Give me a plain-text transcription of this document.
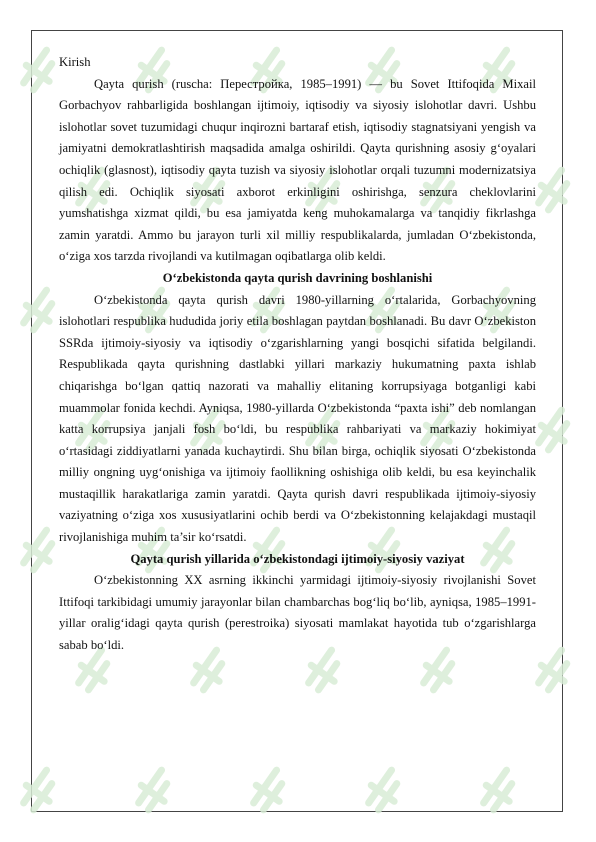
Kirish

Qayta qurish (ruscha: Перестройка, 1985–1991) — bu Sovet Ittifoqida Mixail Gorbachyov rahbarligida boshlangan ijtimoiy, iqtisodiy va siyosiy islohotlar davri. Ushbu islohotlar sovet tuzumidagi chuqur inqirozni bartaraf etish, iqtisodiy stagnatsiyani yengish va jamiyatni demokratlashtirish maqsadida amalga oshirildi. Qayta qurishning asosiy g‘oyalari ochiqlik (glasnost), iqtisodiy qayta tuzish va siyosiy islohotlar orqali tuzumni modernizatsiya qilish edi. Ochiqlik siyosati axborot erkinligini oshirishga, senzura cheklovlarini yumshatishga xizmat qildi, bu esa jamiyatda keng muhokamalarga va tanqidiy fikrlashga zamin yaratdi. Ammo bu jarayon turli xil milliy respublikalarda, jumladan O‘zbekistonda, o‘ziga xos tarzda rivojlandi va kutilmagan oqibatlarga olib keldi.

O‘zbekistonda qayta qurish davrining boshlanishi

O‘zbekistonda qayta qurish davri 1980-yillarning o‘rtalarida, Gorbachyovning islohotlari respublika hududida joriy etila boshlagan paytdan boshlanadi. Bu davr O‘zbekiston SSRda ijtimoiy-siyosiy va iqtisodiy o‘zgarishlarning yangi bosqichi sifatida belgilandi. Respublikada qayta qurishning dastlabki yillari markaziy hukumatning paxta ishlab chiqarishga bo‘lgan qattiq nazorati va mahalliy elitaning korrupsiyaga botganligi kabi muammolar fonida kechdi. Ayniqsa, 1980-yillarda O‘zbekistonda “paxta ishi” deb nomlangan katta korrupsiya janjali fosh bo‘ldi, bu respublika rahbariyati va markaziy hokimiyat o‘rtasidagi ziddiyatlarni yanada kuchaytirdi. Shu bilan birga, ochiqlik siyosati O‘zbekistonda milliy ongning uyg‘onishiga va ijtimoiy faollikning oshishiga olib keldi, bu esa keyinchalik mustaqillik harakatlariga zamin yaratdi. Qayta qurish davri respublikada ijtimoiy-siyosiy vaziyatning o‘ziga xos xususiyatlarini ochib berdi va O‘zbekistonning kelajakdagi mustaqil rivojlanishiga muhim ta’sir ko‘rsatdi.

Qayta qurish yillarida o‘zbekistondagi ijtimoiy-siyosiy vaziyat

O‘zbekistonning XX asrning ikkinchi yarmidagi ijtimoiy-siyosiy rivojlanishi Sovet Ittifoqi tarkibidagi umumiy jarayonlar bilan chambarchas bog‘liq bo‘lib, ayniqsa, 1985–1991-yillar oralig‘idagi qayta qurish (perestroika) siyosati mamlakat hayotida tub o‘zgarishlarga sabab bo‘ldi.
